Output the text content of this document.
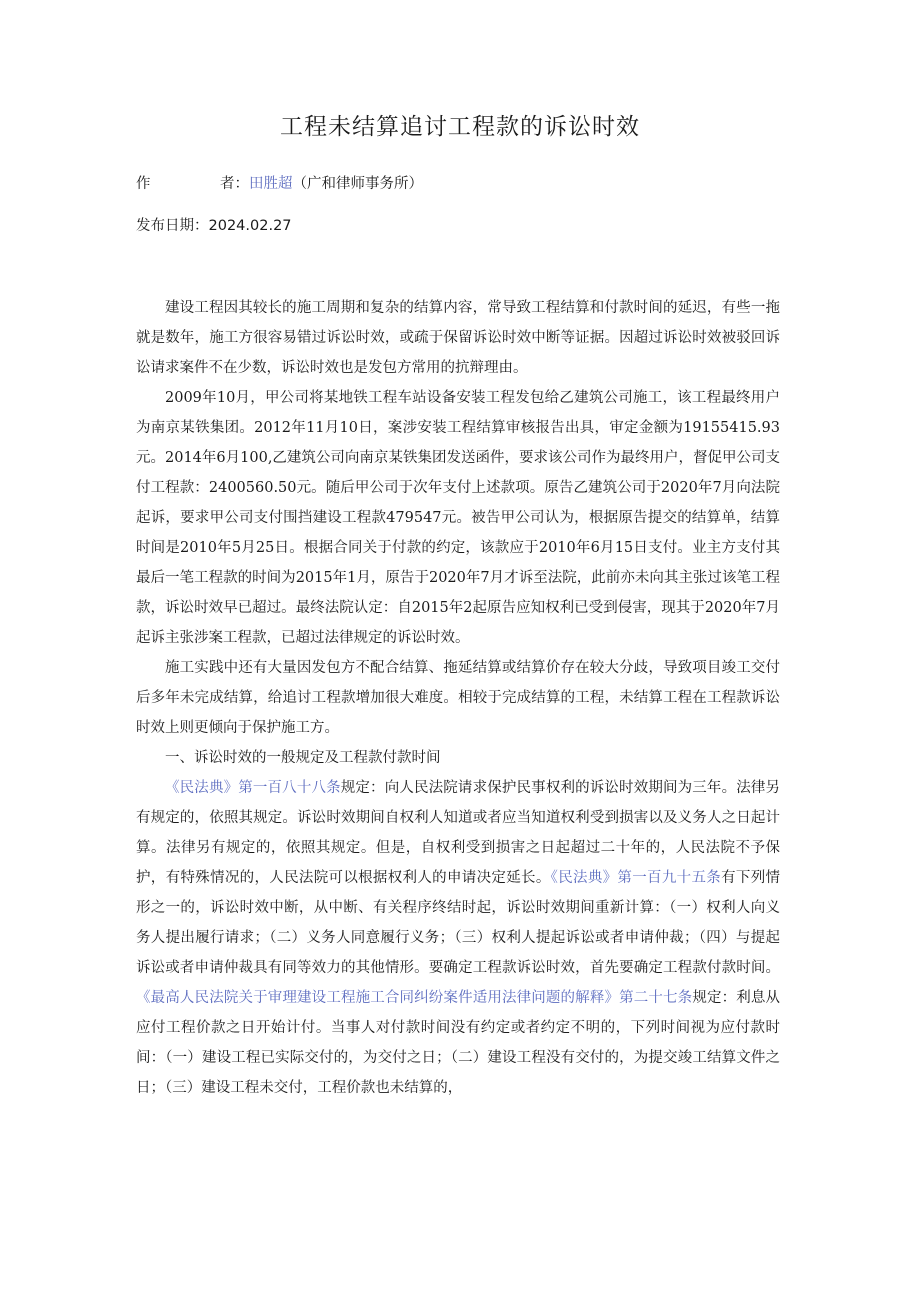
工程未结算追讨工程款的诉讼时效
作	者：田胜超（广和律师事务所）
发布日期：2024.02.27

建设工程因其较长的施工周期和复杂的结算内容，常导致工程结算和付款时间的延迟，有些一拖就是数年，施工方很容易错过诉讼时效，或疏于保留诉讼时效中断等证据。因超过诉讼时效被驳回诉讼请求案件不在少数，诉讼时效也是发包方常用的抗辩理由。

2009年10月，甲公司将某地铁工程车站设备安装工程发包给乙建筑公司施工，该工程最终用户为南京某铁集团。2012年11月10日，案涉安装工程结算审核报告出具，审定金额为19155415.93元。2014年6月100,乙建筑公司向南京某铁集团发送函件，要求该公司作为最终用户，督促甲公司支付工程款：2400560.50元。随后甲公司于次年支付上述款项。原告乙建筑公司于2020年7月向法院起诉，要求甲公司支付围挡建设工程款479547元。被告甲公司认为，根据原告提交的结算单，结算时间是2010年5月25日。根据合同关于付款的约定，该款应于2010年6月15日支付。业主方支付其最后一笔工程款的时间为2015年1月，原告于2020年7月才诉至法院，此前亦未向其主张过该笔工程款，诉讼时效早已超过。最终法院认定：自2015年2起原告应知权利已受到侵害，现其于2020年7月起诉主张涉案工程款，已超过法律规定的诉讼时效。

施工实践中还有大量因发包方不配合结算、拖延结算或结算价存在较大分歧，导致项目竣工交付后多年未完成结算，给追讨工程款增加很大难度。相较于完成结算的工程，未结算工程在工程款诉讼时效上则更倾向于保护施工方。

一、诉讼时效的一般规定及工程款付款时间

《民法典》第一百八十八条规定：向人民法院请求保护民事权利的诉讼时效期间为三年。法律另有规定的，依照其规定。诉讼时效期间自权利人知道或者应当知道权利受到损害以及义务人之日起计算。法律另有规定的，依照其规定。但是，自权利受到损害之日起超过二十年的，人民法院不予保护，有特殊情况的，人民法院可以根据权利人的申请决定延长。《民法典》第一百九十五条有下列情形之一的，诉讼时效中断，从中断、有关程序终结时起，诉讼时效期间重新计算：（一）权利人向义务人提出履行请求；（二）义务人同意履行义务；（三）权利人提起诉讼或者申请仲裁；（四）与提起诉讼或者申请仲裁具有同等效力的其他情形。要确定工程款诉讼时效，首先要确定工程款付款时间。《最高人民法院关于审理建设工程施工合同纠纷案件适用法律问题的解释》第二十七条规定：利息从应付工程价款之日开始计付。当事人对付款时间没有约定或者约定不明的，下列时间视为应付款时间：（一）建设工程已实际交付的，为交付之日；（二）建设工程没有交付的，为提交竣工结算文件之日；（三）建设工程未交付，工程价款也未结算的，
